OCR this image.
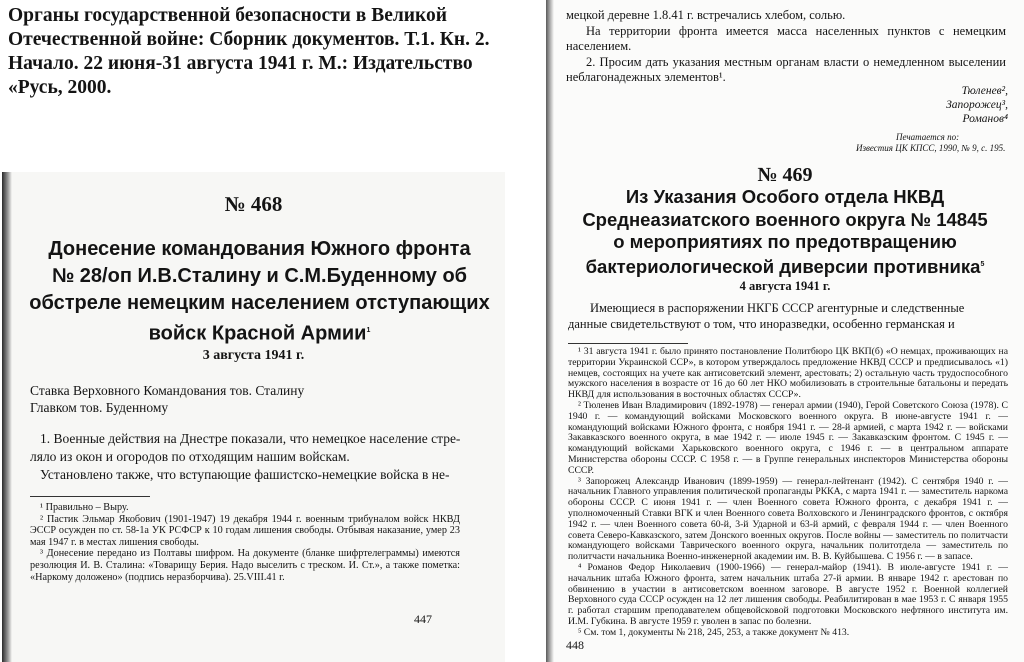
Органы государственной безопасности в Великой
Отечественной войне: Сборник документов. Т.1. Кн. 2.
Начало. 22 июня-31 августа 1941 г. М.: Издательство
«Русь, 2000.
№ 468
Донесение командования Южного фронта
№ 28/оп И.В.Сталину и С.М.Буденному об
обстреле немецким населением отступающих
войск Красной Армии$^1$
3 августа 1941 г.
Ставка Верховного Командования тов. Сталину
Главком тов. Буденному

1. Военные действия на Днестре показали, что немецкое население стре-

ляло из окон и огородов по отходящим нашим войскам.

Установлено также, что вступающие фашистско-немецкие войска в не-

¹ Правильно – Выру.

² Пастик Эльмар Якобович (1901-1947) 19 декабря 1944 г. военным трибуналом войск НКВД ЭССР осужден по ст. 58-1а УК РСФСР к 10 годам лишения свободы. Отбывая наказание, умер 23 мая 1947 г. в местах лишения свободы.

³ Донесение передано из Полтавы шифром. На документе (бланке шифртелеграммы) имеются резолюция И. В. Сталина: «Товарищу Берия. Надо выселить с треском. И. Ст.», а также пометка: «Наркому доложено» (подпись неразборчива). 25.VIII.41 г.

447

мецкой деревне 1.8.41 г. встречались хлебом, солью.

На территории фронта имеется масса населенных пунктов с немецким населением.

2. Просим дать указания местным органам власти о немедленном выселении неблагонадежных элементов¹.

Тюленев²,
Запорожец³,
Романов⁴
Печатается по:
Известия ЦК КПСС, 1990, № 9, с. 195.
№ 469
Из Указания Особого отдела НКВД
Среднеазиатского военного округа № 14845
о мероприятиях по предотвращению
бактериологической диверсии противника$^5$
4 августа 1941 г.

Имеющиеся в распоряжении НКГБ СССР агентурные и следственные

данные свидетельствуют о том, что иноразведки, особенно германская и

¹ 31 августа 1941 г. было принято постановление Политбюро ЦК ВКП(б) «О немцах, проживающих на территории Украинской ССР», в котором утверждалось предложение НКВД СССР и предписывалось «1) немцев, состоящих на учете как антисоветский элемент, арестовать; 2) остальную часть трудоспособного мужского населения в возрасте от 16 до 60 лет НКО мобилизовать в строительные батальоны и передать НКВД для использования в восточных областях СССР».

² Тюленев Иван Владимирович (1892-1978) — генерал армии (1940), Герой Советского Союза (1978). С 1940 г. — командующий войсками Московского военного округа. В июне-августе 1941 г. — командующий войсками Южного фронта, с ноября 1941 г. — 28-й армией, с марта 1942 г. — войсками Закавказского военного округа, в мае 1942 г. — июле 1945 г. — Закавказским фронтом. С 1945 г. — командующий войсками Харьковского военного округа, с 1946 г. — в центральном аппарате Министерства обороны СССР. С 1958 г. — в Группе генеральных инспекторов Министерства обороны СССР.

³ Запорожец Александр Иванович (1899-1959) — генерал-лейтенант (1942). С сентября 1940 г. — начальник Главного управления политической пропаганды РККА, с марта 1941 г. — заместитель наркома обороны СССР. С июня 1941 г. — член Военного совета Южного фронта, с декабря 1941 г. — уполномоченный Ставки ВГК и член Военного совета Волховского и Ленинградского фронтов, с октября 1942 г. — член Военного совета 60-й, 3-й Ударной и 63-й армий, с февраля 1944 г. — член Военного совета Северо-Кавказского, затем Донского военных округов. После войны — заместитель по политчасти командующего войсками Таврического военного округа, начальник политотдела — заместитель по политчасти начальника Военно-инженерной академии им. В. В. Куйбышева. С 1956 г. — в запасе.

⁴ Романов Федор Николаевич (1900-1966) — генерал-майор (1941). В июле-августе 1941 г. — начальник штаба Южного фронта, затем начальник штаба 27-й армии. В январе 1942 г. арестован по обвинению в участии в антисоветском военном заговоре. В августе 1952 г. Военной коллегией Верховного суда СССР осужден на 12 лет лишения свободы. Реабилитирован в мае 1953 г. С января 1955 г. работал старшим преподавателем общевойсковой подготовки Московского нефтяного института им. И.М. Губкина. В августе 1959 г. уволен в запас по болезни.

⁵ См. том 1, документы № 218, 245, 253, а также документ № 413.

448
